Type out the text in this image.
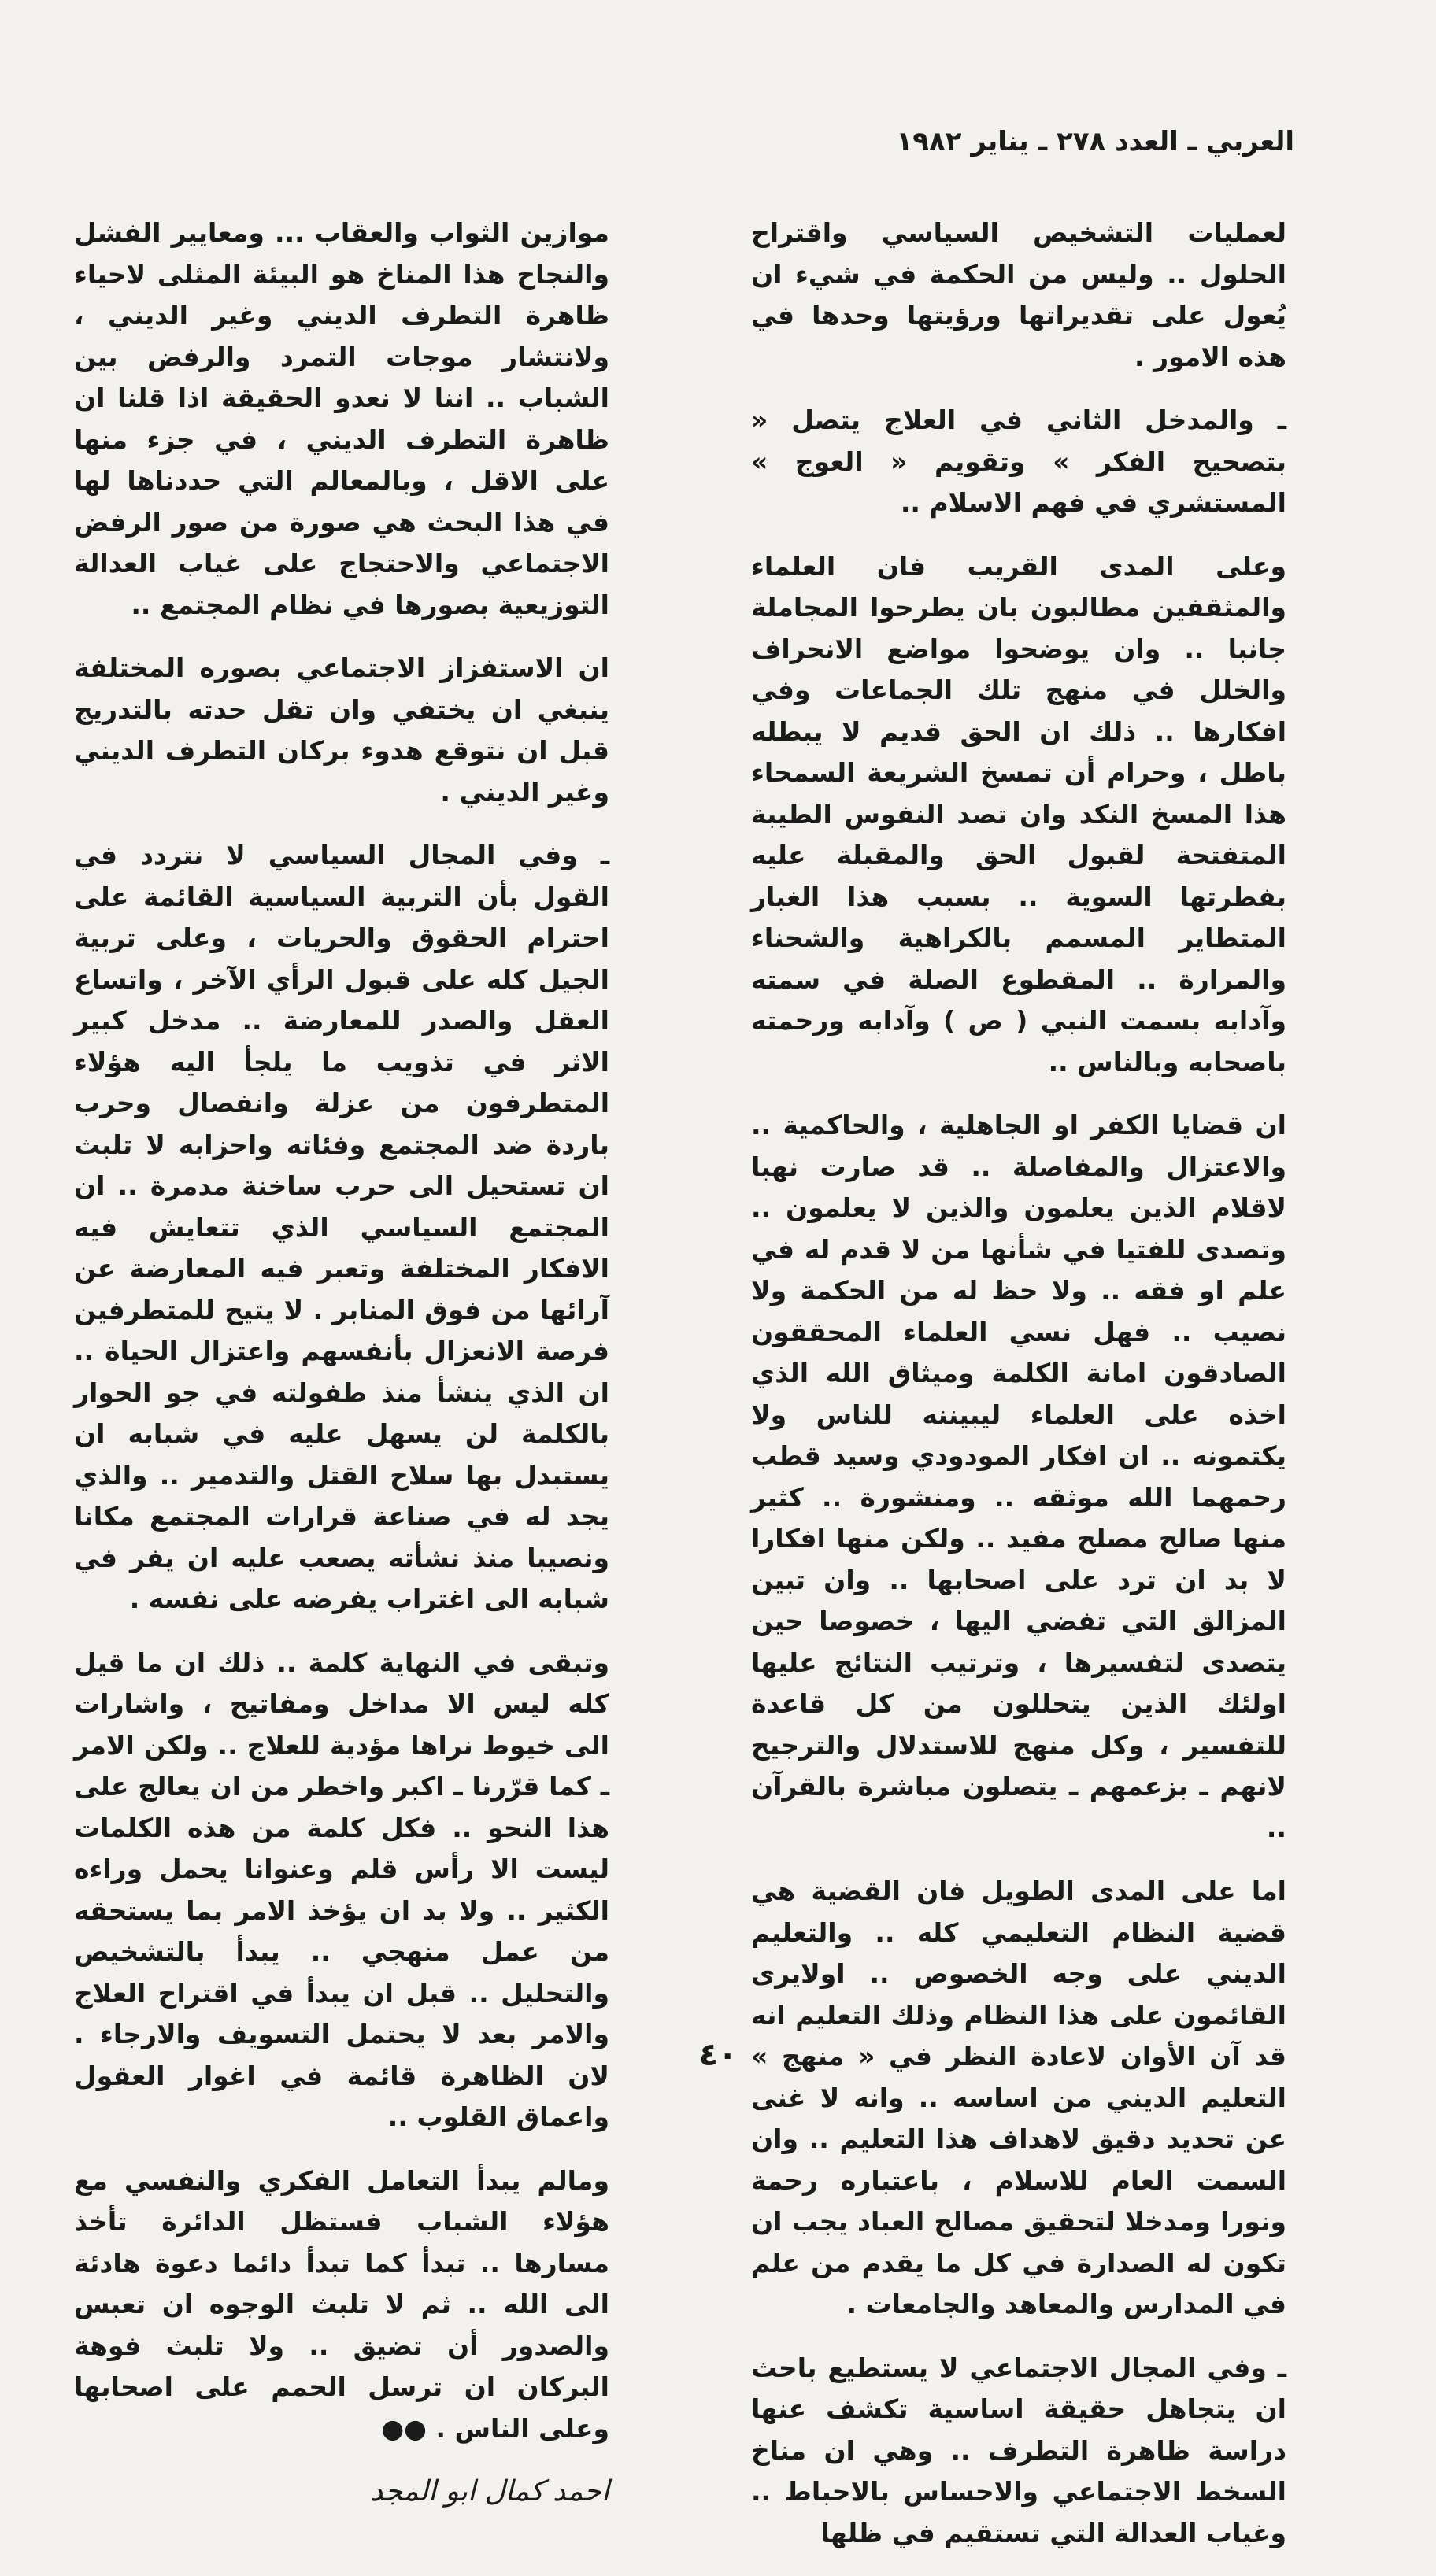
العربي ـ العدد ٢٧٨ ـ يناير ١٩٨٢

لعمليات التشخيص السياسي واقتراح الحلول .. وليس من الحكمة في شيء ان يُعول على تقديراتها ورؤيتها وحدها في هذه الامور .

ـ والمدخل الثاني في العلاج يتصل « بتصحيح الفكر » وتقويم « العوج » المستشري في فهم الاسلام ..

وعلى المدى القريب فان العلماء والمثقفين مطالبون بان يطرحوا المجاملة جانبا .. وان يوضحوا مواضع الانحراف والخلل في منهج تلك الجماعات وفي افكارها .. ذلك ان الحق قديم لا يبطله باطل ، وحرام أن تمسخ الشريعة السمحاء هذا المسخ النكد وان تصد النفوس الطيبة المتفتحة لقبول الحق والمقبلة عليه بفطرتها السوية .. بسبب هذا الغبار المتطاير المسمم بالكراهية والشحناء والمرارة .. المقطوع الصلة في سمته وآدابه بسمت النبي ( ص ) وآدابه ورحمته باصحابه وبالناس ..

ان قضايا الكفر او الجاهلية ، والحاكمية .. والاعتزال والمفاصلة .. قد صارت نهبا لاقلام الذين يعلمون والذين لا يعلمون .. وتصدى للفتيا في شأنها من لا قدم له في علم او فقه .. ولا حظ له من الحكمة ولا نصيب .. فهل نسي العلماء المحققون الصادقون امانة الكلمة وميثاق الله الذي اخذه على العلماء ليبيننه للناس ولا يكتمونه .. ان افكار المودودي وسيد قطب رحمهما الله موثقه .. ومنشورة .. كثير منها صالح مصلح مفيد .. ولكن منها افكارا لا بد ان ترد على اصحابها .. وان تبين المزالق التي تفضي اليها ، خصوصا حين يتصدى لتفسيرها ، وترتيب النتائج عليها اولئك الذين يتحللون من كل قاعدة للتفسير ، وكل منهج للاستدلال والترجيح لانهم ـ بزعمهم ـ يتصلون مباشرة بالقرآن ..

اما على المدى الطويل فان القضية هي قضية النظام التعليمي كله .. والتعليم الديني على وجه الخصوص .. اولايرى القائمون على هذا النظام وذلك التعليم انه قد آن الأوان لاعادة النظر في « منهج » التعليم الديني من اساسه .. وانه لا غنى عن تحديد دقيق لاهداف هذا التعليم .. وان السمت العام للاسلام ، باعتباره رحمة ونورا ومدخلا لتحقيق مصالح العباد يجب ان تكون له الصدارة في كل ما يقدم من علم في المدارس والمعاهد والجامعات .

ـ وفي المجال الاجتماعي لا يستطيع باحث ان يتجاهل حقيقة اساسية تكشف عنها دراسة ظاهرة التطرف .. وهي ان مناخ السخط الاجتماعي والاحساس بالاحباط .. وغياب العدالة التي تستقيم في ظلها

موازين الثواب والعقاب ... ومعايير الفشل والنجاح هذا المناخ هو البيئة المثلى لاحياء ظاهرة التطرف الديني وغير الديني ، ولانتشار موجات التمرد والرفض بين الشباب .. اننا لا نعدو الحقيقة اذا قلنا ان ظاهرة التطرف الديني ، في جزء منها على الاقل ، وبالمعالم التي حددناها لها في هذا البحث هي صورة من صور الرفض الاجتماعي والاحتجاج على غياب العدالة التوزيعية بصورها في نظام المجتمع ..

ان الاستفزاز الاجتماعي بصوره المختلفة ينبغي ان يختفي وان تقل حدته بالتدريج قبل ان نتوقع هدوء بركان التطرف الديني وغير الديني .

ـ وفي المجال السياسي لا نتردد في القول بأن التربية السياسية القائمة على احترام الحقوق والحريات ، وعلى تربية الجيل كله على قبول الرأي الآخر ، واتساع العقل والصدر للمعارضة .. مدخل كبير الاثر في تذويب ما يلجأ اليه هؤلاء المتطرفون من عزلة وانفصال وحرب باردة ضد المجتمع وفئاته واحزابه لا تلبث ان تستحيل الى حرب ساخنة مدمرة .. ان المجتمع السياسي الذي تتعايش فيه الافكار المختلفة وتعبر فيه المعارضة عن آرائها من فوق المنابر . لا يتيح للمتطرفين فرصة الانعزال بأنفسهم واعتزال الحياة .. ان الذي ينشأ منذ طفولته في جو الحوار بالكلمة لن يسهل عليه في شبابه ان يستبدل بها سلاح القتل والتدمير .. والذي يجد له في صناعة قرارات المجتمع مكانا ونصيبا منذ نشأته يصعب عليه ان يفر في شبابه الى اغتراب يفرضه على نفسه .

وتبقى في النهاية كلمة .. ذلك ان ما قيل كله ليس الا مداخل ومفاتيح ، واشارات الى خيوط نراها مؤدية للعلاج .. ولكن الامر ـ كما قرّرنا ـ اكبر واخطر من ان يعالج على هذا النحو .. فكل كلمة من هذه الكلمات ليست الا رأس قلم وعنوانا يحمل وراءه الكثير .. ولا بد ان يؤخذ الامر بما يستحقه من عمل منهجي .. يبدأ بالتشخيص والتحليل .. قبل ان يبدأ في اقتراح العلاج والامر بعد لا يحتمل التسويف والارجاء . لان الظاهرة قائمة في اغوار العقول واعماق القلوب ..

ومالم يبدأ التعامل الفكري والنفسي مع هؤلاء الشباب فستظل الدائرة تأخذ مسارها .. تبدأ كما تبدأ دائما دعوة هادئة الى الله .. ثم لا تلبث الوجوه ان تعبس والصدور أن تضيق .. ولا تلبث فوهة البركان ان ترسل الحمم على اصحابها وعلى الناس . ●●

احمد كمال ابو المجد
٤٠
